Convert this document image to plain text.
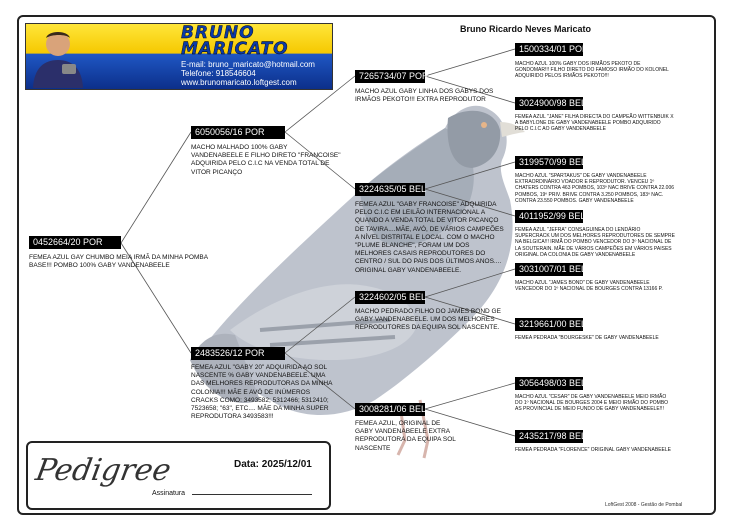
BRUNO
MARICATO
E-mail: bruno_maricato@hotmail.com
Telefone: 918546604
www.brunomaricato.loftgest.com
Bruno Ricardo Neves Maricato
0452664/20 POR
FEMEA AZUL GAY CHUMBO MEIA IRMÃ DA MINHA POMBA BASE!!! POMBO 100% GABY VANDENABEELE
6050056/16 POR
MACHO MALHADO 100% GABY VANDENABEELE E FILHO DIRETO "FRANCOISE" ADQUIRIDA PELO C.I.C NA VENDA TOTAL DE VITOR PICANÇO
2483526/12 POR
FEMEA AZUL "GABY 20" ADQUIRIDA AO SOL NASCENTE % GABY VANDENABEELE. UMA DAS MELHORES REPRODUTORAS DA MINHA COLONIA!!! MÃE E AVÓ DE INÚMEROS CRACKS COMO: 3493582; 5312466; 5312410; 7523658; "63", ETC.... MÃE DA MINHA SUPER REPRODUTORA 3493583!!!
7265734/07 POR
MACHO AZUL GABY LINHA DOS GABYS DOS IRMÃOS PEKOTO!!! EXTRA REPRODUTOR
3224635/05 BEL
FEMEA AZUL "GABY FRANCOISE" ADQUIRIDA PELO C.I.C EM LEILÃO INTERNACIONAL A QUANDO A VENDA TOTAL DE VITOR PICANÇO DE TAVIRA....MÃE, AVÓ, DE VÁRIOS CAMPEÕES A NÍVEL DISTRITAL E LOCAL. COM O MACHO "PLUME BLANCHE", FORAM UM DOS MELHORES CASAIS REPRODUTORES DO CENTRO / SUL DO PAIS DOS ÚLTIMOS ANOS.... ORIGINAL GABY VANDENABEELE.
3224602/05 BEL
MACHO PEDRADO FILHO DO JAMES BOND GE GABY VANDENABEELE. UM DOS MELHORES REPRODUTORES DA EQUIPA SOL NASCENTE.
3008281/06 BEL
FEMEA AZUL, ORIGINAL DE GABY VANDENABEELE EXTRA REPRODUTORA DA EQUIPA SOL NASCENTE
1500334/01 POR
MACHO AZUL 100% GABY DOS IRMÃOS PEKOTO DE GONDOMAR!!! FILHO DIRETO DO FAMOSO IRMÃO DO KOLONEL ADQUIRIDO PELOS IRMÃOS PEKOTO!!!
3024900/98 BEL
FEMEA AZUL "JANE" FILHA DIRECTA DO CAMPEÃO WITTENBUIK X A BABYLONE DE GABY VANDENABEELE POMBO ADQUIRIDO PELO C.I.C AO GABY VANDENABEELE
3199570/99 BEL
MACHO AZUL "SPARTAKUS" DE GABY VANDENABEELE EXTRAORDINÁRIO VOADOR E REPRODUTOR. VENCEU 1º CHATERS CONTRA 463 POMBOS, 103º NAC BRIVE CONTRA 22.006 POMBOS, 19º PRIV. BRIVE CONTRA 3.250 POMBOS, 183º NAC. CONTRA 23.550 POMBOS. GABY VANDENABEELE
4011952/99 BEL
FEMEA AZUL "JEFRA" CONSAGUINEA DO LENDÁRIO SUPERCRACK UM DOS MELHORES REPRODUTORES DE SEMPRE NA BELGICA!!! IRMÃ DO POMBO VENCEDOR DO 3º NACIONAL DE LA SOUTERAIN. MÃE DE VÁRIOS CAMPEÕES EM VÁRIOS PAISES ORIGINAL DA COLONIA DE GABY VANDENABEELE
3031007/01 BEL
MACHO AZUL "JAMES BOND" DE GABY VANDENABEELE VENCEDOR DO 1º NACIONAL DE BOURGES CONTRA 13166 P.
3219661/00 BEL
FEMEA PEDRADA "BOURGESKE" DE GABY VANDENABEELE
3056498/03 BEL
MACHO AZUL "CESAR" DE GABY VANDENABEELE MEIO IRMÃO DO 1º NACIONAL DE BOURGES 2004 E MEIO IRMÃO DO POMBO AS PROVINCIAL DE MEIO FUNDO DE GABY VANDENABEELE!!!
2435217/98 BEL
FEMEA PEDRADA "FLORENCE" ORIGINAL GABY VANDENABEELE
Pedigree	Data: 2025/12/01
Assinatura
LoftGest 2008 - Gestão de Pombal
